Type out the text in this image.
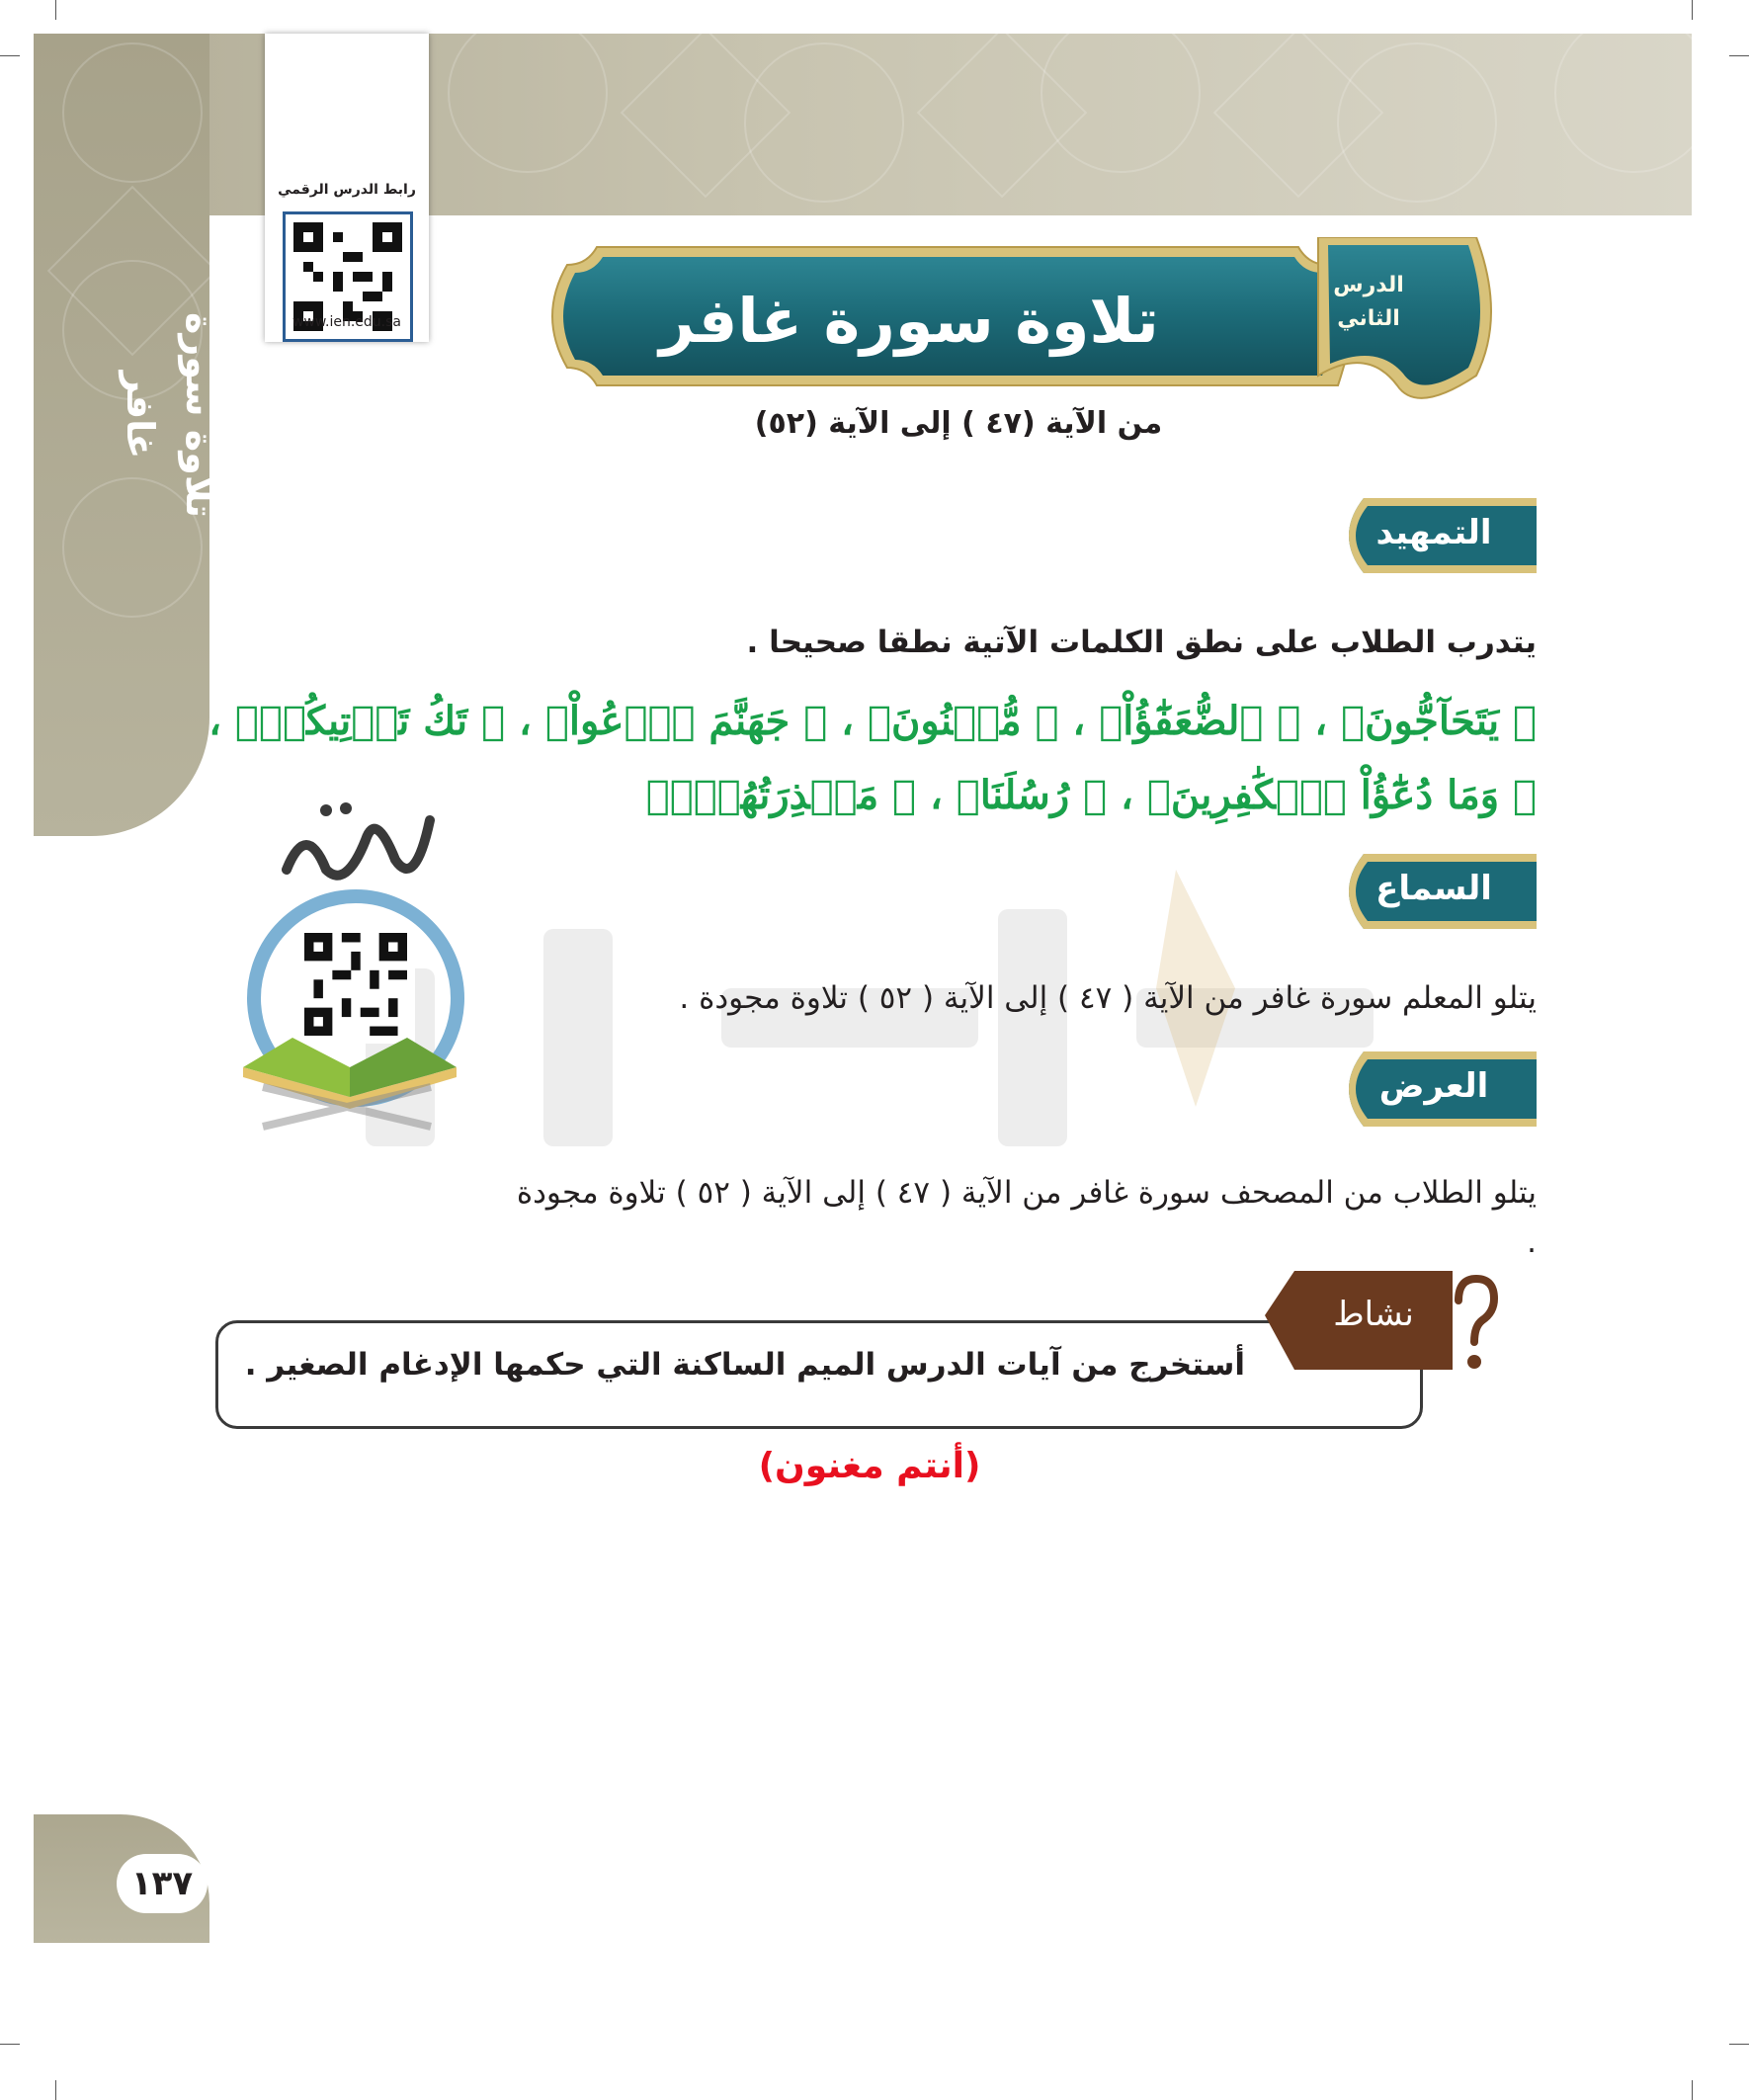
تلاوة سورة غافر
رابط الدرس الرقمي
www.ien.edu.sa	تلاوة سورة غافر	الدرس
الثاني
من الآية (٤٧ ) إلى الآية (٥٢)
التمهيد
يتدرب الطلاب على نطق الكلمات الآتية نطقا صحيحا .
﴿ يَتَحَآجُّونَ﴾ ، ﴿ ٱلضُّعَفَٰٓؤُاْ﴾ ، ﴿ مُّغۡنُونَ﴾ ، ﴿ جَهَنَّمَ ٱدۡعُواْ﴾ ، ﴿ تَكُ تَأۡتِيكُمۡ﴾ ،
﴿ وَمَا دُعَٰٓؤُاْ ٱلۡكَٰفِرِينَ﴾ ، ﴿ رُسُلَنَا﴾ ، ﴿ مَعۡذِرَتُهُمۡۖ﴾
السماع
يتلو المعلم سورة غافر من الآية ( ٤٧ ) إلى الآية ( ٥٢ ) تلاوة مجودة .
العرض
يتلو الطلاب من المصحف سورة غافر من الآية ( ٤٧ ) إلى الآية ( ٥٢ ) تلاوة مجودة .
نشاط
أستخرج من آيات الدرس الميم الساكنة التي حكمها الإدغام الصغير .
(أنتم مغنون)
١٣٧
